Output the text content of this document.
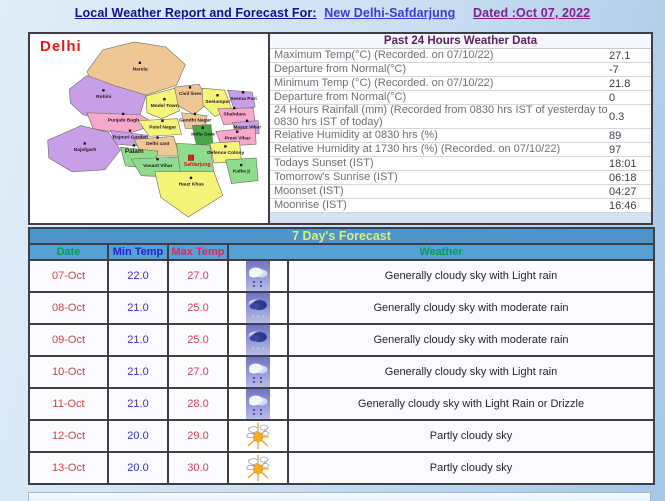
Local Weather Report and Forecast For: New Delhi-Safdarjung Dated :Oct 07, 2022
Delhi
Narela
Rohini
Civil lines
Model Town
Seelampur
Seema Puri
Shahdara
Mayur Vihar
Punjabi Bagh	Gandhi Nagar
Patel Nagar
Rajouri Garden
India Gate
Preet Vihar
Delhi cant
Najafgarh	Palam
Vasant Vihar Safdarjung
Defence Colony
Kalka ji
Hauz Khas
Past 24 Hours Weather Data
Maximum Temp(°C) (Recorded. on 07/10/22)	27.1
Departure from Normal(°C)	-7
Minimum Temp (°C) (Recorded. on 07/10/22)	21.8
Departure from Normal(°C)	0
24 Hours Rainfall (mm) (Recorded from 0830 hrs IST of yesterday to 0830 hrs IST of today)	0.3
Relative Humidity at 0830 hrs (%)	89
Relative Humidity at 1730 hrs (%) (Recorded. on 07/10/22)	97
Todays Sunset (IST)	18:01
Tomorrow's Sunrise (IST)	06:18
Moonset (IST)	04:27
Moonrise (IST)	16:46
7 Day's Forecast				
Date	Min Temp	Max Temp	Weather	
07-Oct	22.0	27.0		Generally cloudy sky with Light rain
08-Oct	21.0	25.0		Generally cloudy sky with moderate rain
09-Oct	21.0	25.0		Generally cloudy sky with moderate rain
10-Oct	21.0	27.0		Generally cloudy sky with Light rain
11-Oct	21.0	28.0		Generally cloudy sky with Light Rain or Drizzle
12-Oct	20.0	29.0		Partly cloudy sky
13-Oct	20.0	30.0		Partly cloudy sky
